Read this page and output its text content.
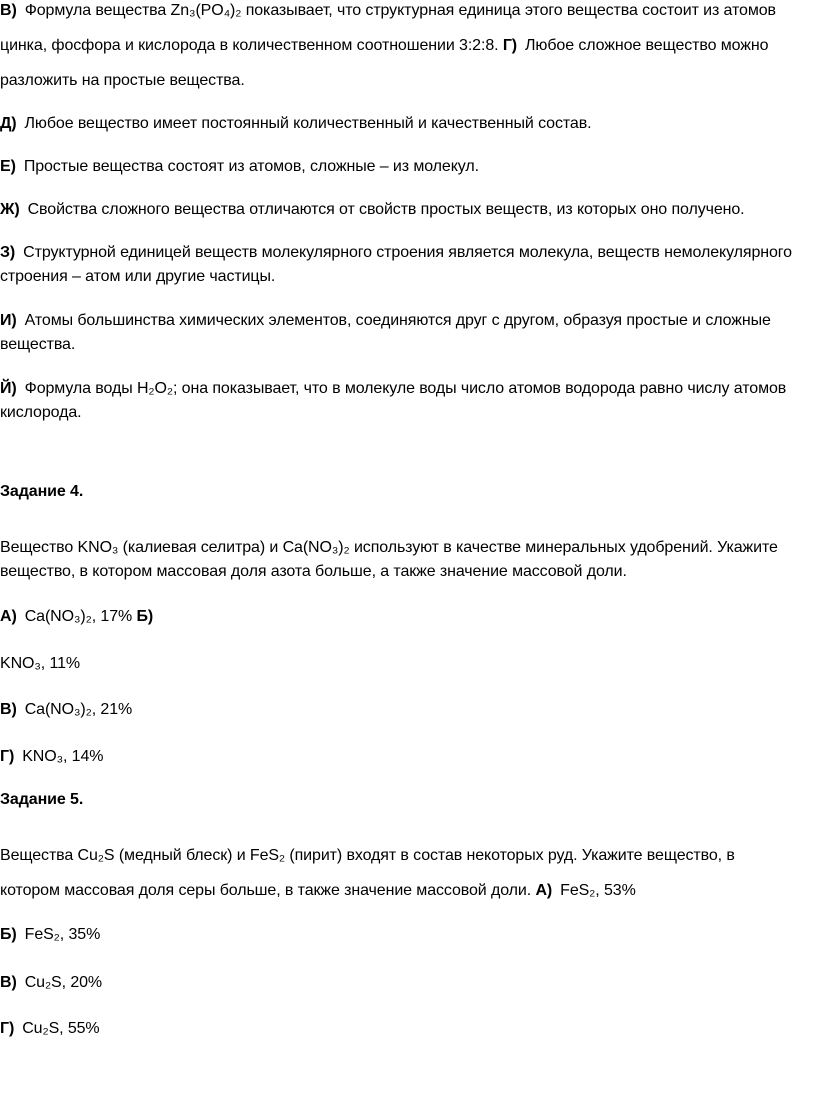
В) Формула вещества Zn₃(PO₄)₂ показывает, что структурная единица этого вещества состоит из атомов
цинка, фосфора и кислорода в количественном соотношении 3:2:8. Г) Любое сложное вещество можно
разложить на простые вещества.
Д) Любое вещество имеет постоянный количественный и качественный состав.
Е) Простые вещества состоят из атомов, сложные – из молекул.
Ж) Свойства сложного вещества отличаются от свойств простых веществ, из которых оно получено.
З) Структурной единицей веществ молекулярного строения является молекула, веществ немолекулярного
строения – атом или другие частицы.
И) Атомы большинства химических элементов, соединяются друг с другом, образуя простые и сложные
вещества.
Й) Формула воды H₂O₂; она показывает, что в молекуле воды число атомов водорода равно числу атомов
кислорода.
Задание 4.
Вещество KNO₃ (калиевая селитра) и Ca(NO₃)₂ используют в качестве минеральных удобрений. Укажите
вещество, в котором массовая доля азота больше, а также значение массовой доли.
А) Ca(NO₃)₂, 17% Б)
KNO₃, 11%
В) Ca(NO₃)₂, 21%
Г) KNO₃, 14%
Задание 5.
Вещества Cu₂S (медный блеск) и FeS₂ (пирит) входят в состав некоторых руд. Укажите вещество, в
котором массовая доля серы больше, в также значение массовой доли. А) FeS₂, 53%
Б) FeS₂, 35%
В) Cu₂S, 20%
Г) Cu₂S, 55%
